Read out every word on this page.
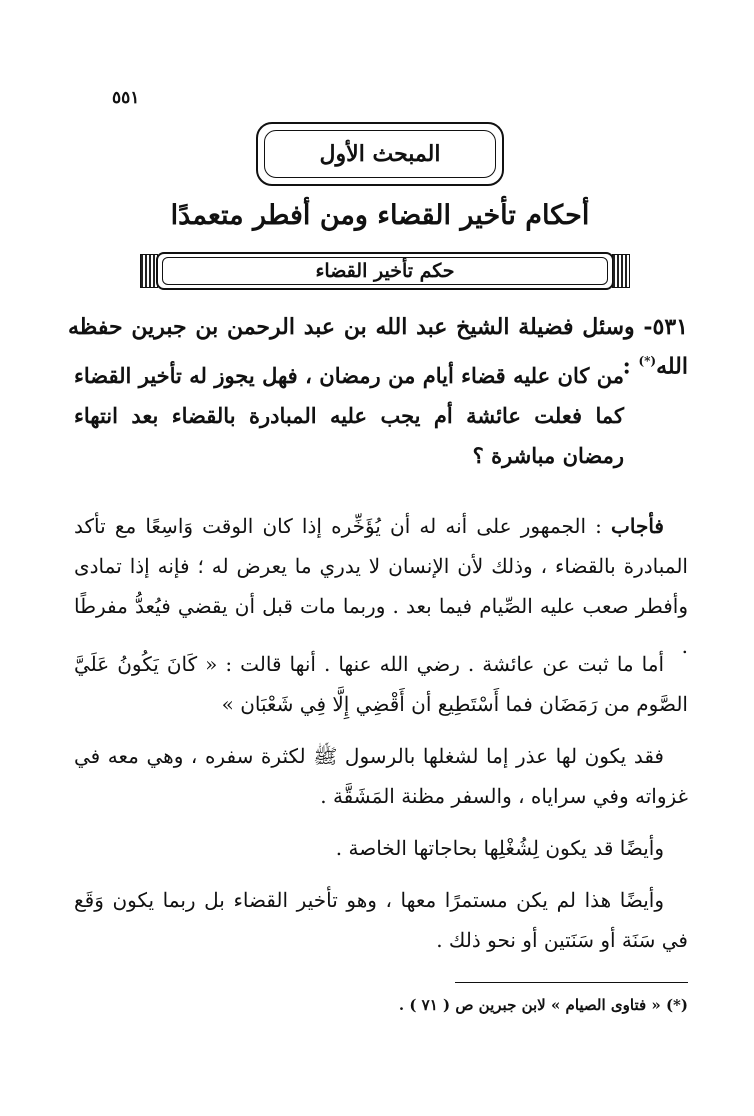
٥٥١
المبحث الأول
أحكام تأخير القضاء ومن أفطر متعمدًا
حكم تأخير القضاء
٥٣١- وسئل فضيلة الشيخ عبد الله بن عبد الرحمن بن جبرين حفظه الله(*) :
من كان عليه قضاء أيام من رمضان ، فهل يجوز له تأخير القضاء كما فعلت عائشة أم يجب عليه المبادرة بالقضاء بعد انتهاء رمضان مباشرة ؟
فأجاب : الجمهور على أنه له أن يُؤَخِّره إذا كان الوقت وَاسِعًا مع تأكد المبادرة بالقضاء ، وذلك لأن الإنسان لا يدري ما يعرض له ؛ فإنه إذا تمادى وأفطر صعب عليه الصِّيام فيما بعد . وربما مات قبل أن يقضي فيُعدُّ مفرطًا .
أما ما ثبت عن عائشة . رضي الله عنها . أنها قالت : « كَانَ يَكُونُ عَلَيَّ الصَّوم من رَمَضَان فما أَسْتَطِيع أن أَقْضِي إِلَّا فِي شَعْبَان »
فقد يكون لها عذر إما لشغلها بالرسول ﷺ لكثرة سفره ، وهي معه في غزواته وفي سراياه ، والسفر مظنة المَشَقَّة .
وأيضًا قد يكون لِشُغْلِها بحاجاتها الخاصة .
وأيضًا هذا لم يكن مستمرًا معها ، وهو تأخير القضاء بل ربما يكون وَقَع في سَنَة أو سَنَتين أو نحو ذلك .
(*) « فتاوى الصيام » لابن جبرين ص ( ٧١ ) .
